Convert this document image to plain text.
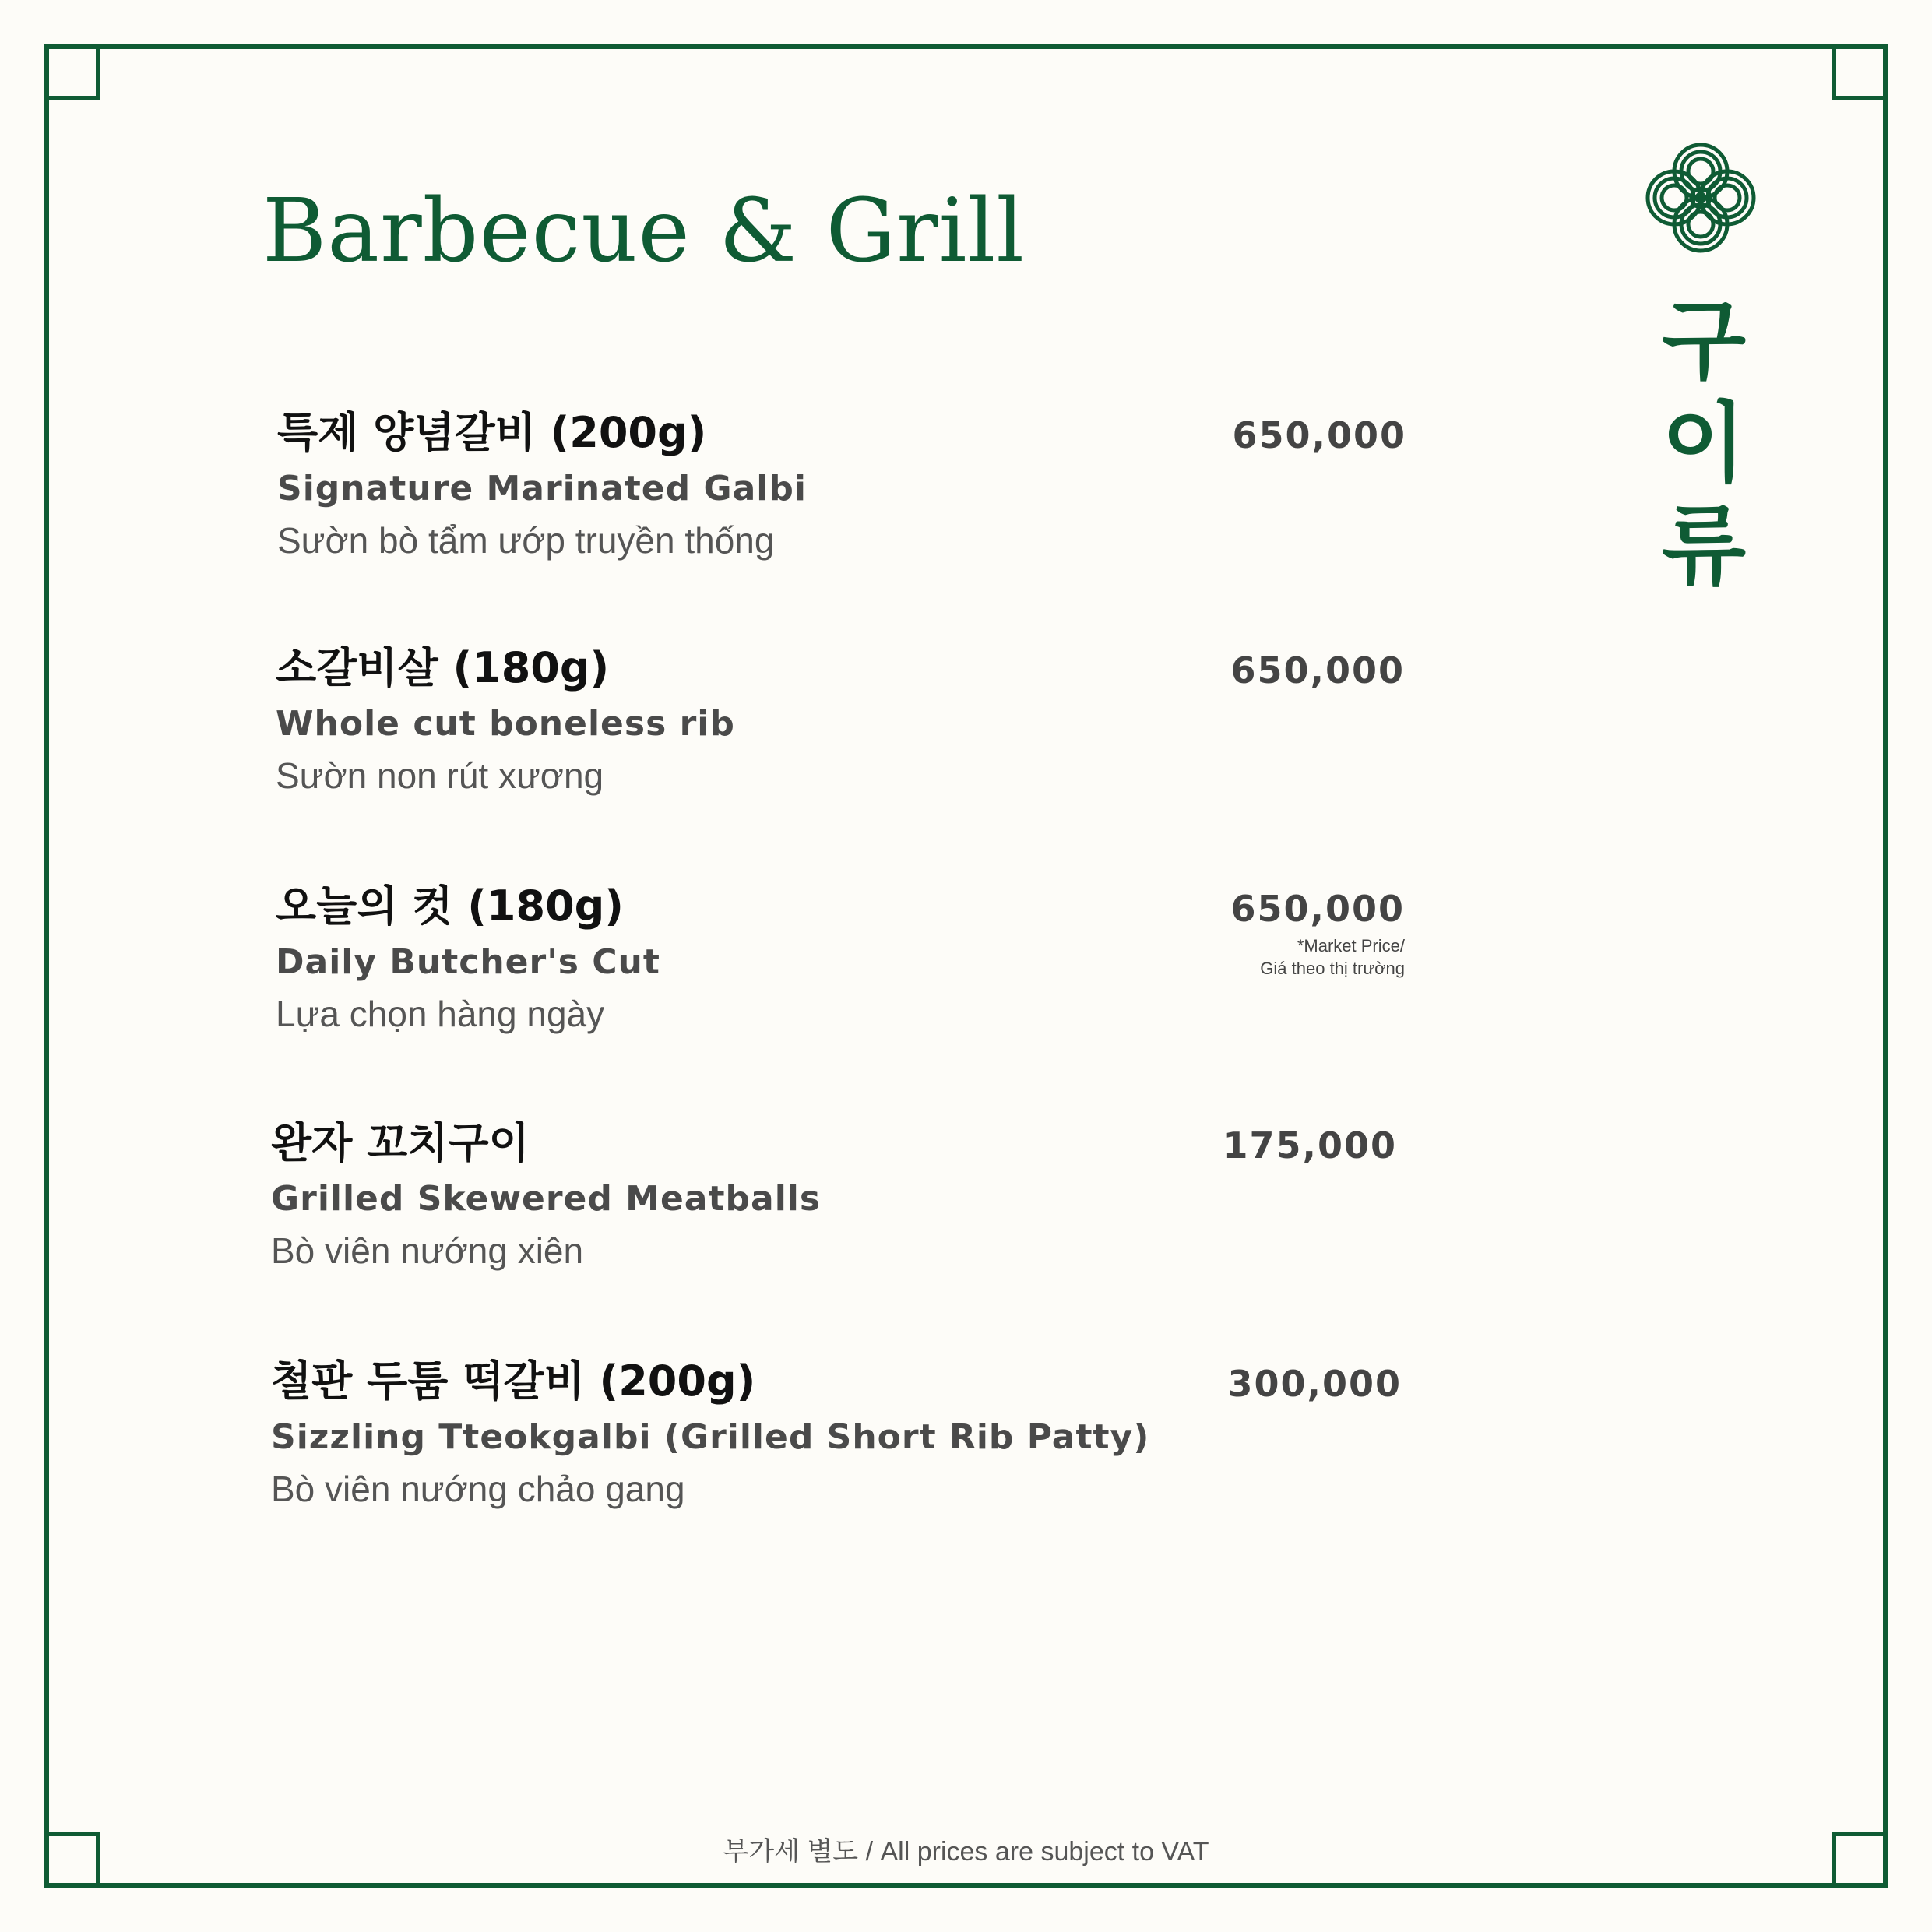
Barbecue & Grill
구
이
류
특제 양념갈비 (200g)
Signature Marinated Galbi
Sườn bò tẩm ướp truyền thống
650,000
소갈비살 (180g)
Whole cut boneless rib
Sườn non rút xương
650,000
오늘의 컷 (180g)
Daily Butcher's Cut
Lựa chọn hàng ngày
650,000
*Market Price/
Giá theo thị trường
완자 꼬치구이
Grilled Skewered Meatballs
Bò viên nướng xiên
175,000
철판 두툼 떡갈비 (200g)
Sizzling Tteokgalbi (Grilled Short Rib Patty)
Bò viên nướng chảo gang
300,000
부가세 별도 / All prices are subject to VAT
